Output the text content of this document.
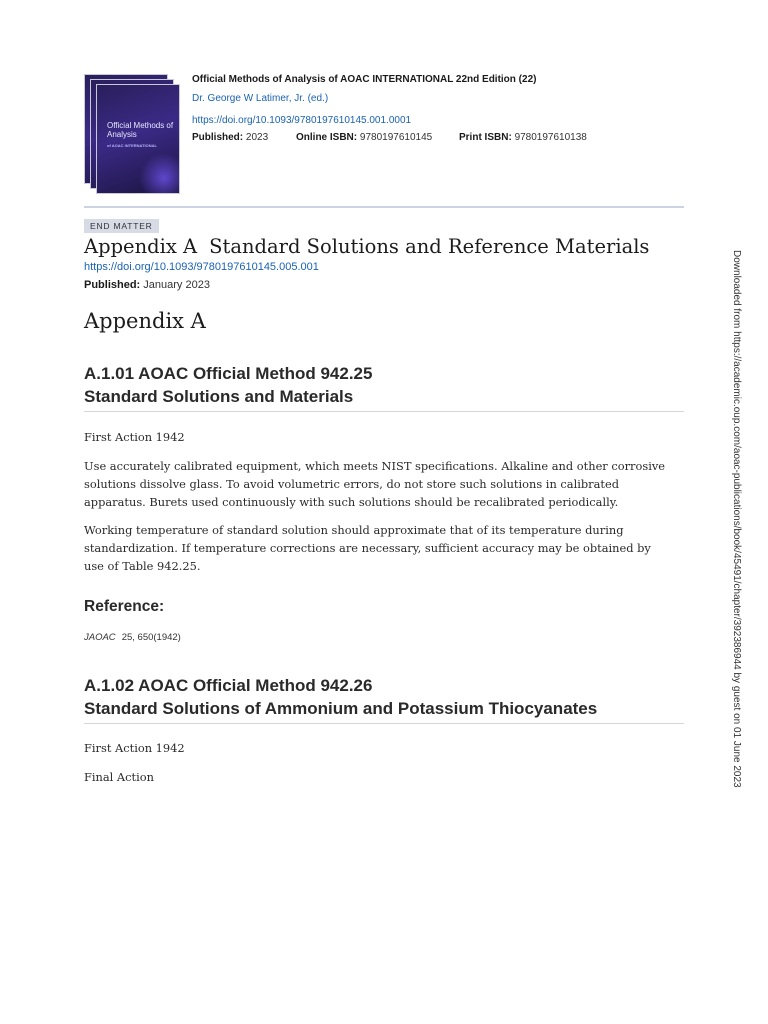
Official Methods of Analysis
of AOAC INTERNATIONAL
Official Methods of Analysis of AOAC INTERNATIONAL 22nd Edition (22)
Dr. George W Latimer, Jr. (ed.)
https://doi.org/10.1093/9780197610145.001.0001
Published: 2023	Online ISBN: 9780197610145	Print ISBN: 9780197610138
END MATTER
Appendix A Standard Solutions and Reference Materials
https://doi.org/10.1093/9780197610145.005.001
Published: January 2023
Appendix A
A.1.01 AOAC Official Method 942.25
Standard Solutions and Materials

First Action 1942

Use accurately calibrated equipment, which meets NIST specifications. Alkaline and other corrosive solutions dissolve glass. To avoid volumetric errors, do not store such solutions in calibrated apparatus. Burets used continuously with such solutions should be recalibrated periodically.

Working temperature of standard solution should approximate that of its temperature during standardization. If temperature corrections are necessary, sufficient accuracy may be obtained by use of Table 942.25.

Reference:
JAOAC 25, 650(1942)
A.1.02 AOAC Official Method 942.26
Standard Solutions of Ammonium and Potassium Thiocyanates

First Action 1942

Final Action	Downloaded from https://academic.oup.com/aoac-publications/book/45491/chapter/392386944 by guest on 01 June 2023
